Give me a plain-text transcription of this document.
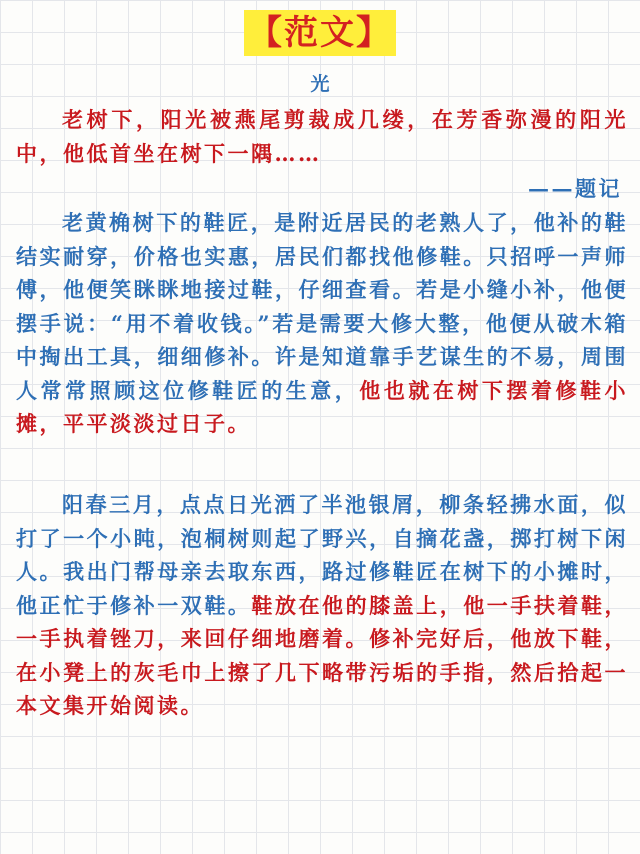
【范文】
光
老树下，阳光被燕尾剪裁成几缕，在芳香弥漫的阳光中，他低首坐在树下一隅……
——题记
老黄桷树下的鞋匠，是附近居民的老熟人了，他补的鞋结实耐穿，价格也实惠，居民们都找他修鞋。只招呼一声师傅，他便笑眯眯地接过鞋，仔细查看。若是小缝小补，他便摆手说：“用不着收钱。”若是需要大修大整，他便从破木箱中掏出工具，细细修补。许是知道靠手艺谋生的不易，周围人常常照顾这位修鞋匠的生意，他也就在树下摆着修鞋小摊，平平淡淡过日子。
阳春三月，点点日光洒了半池银屑，柳条轻拂水面，似打了一个小盹，泡桐树则起了野兴，自摘花盏，掷打树下闲人。我出门帮母亲去取东西，路过修鞋匠在树下的小摊时，他正忙于修补一双鞋。鞋放在他的膝盖上，他一手扶着鞋，一手执着锉刀，来回仔细地磨着。修补完好后，他放下鞋，在小凳上的灰毛巾上擦了几下略带污垢的手指，然后拾起一本文集开始阅读。
